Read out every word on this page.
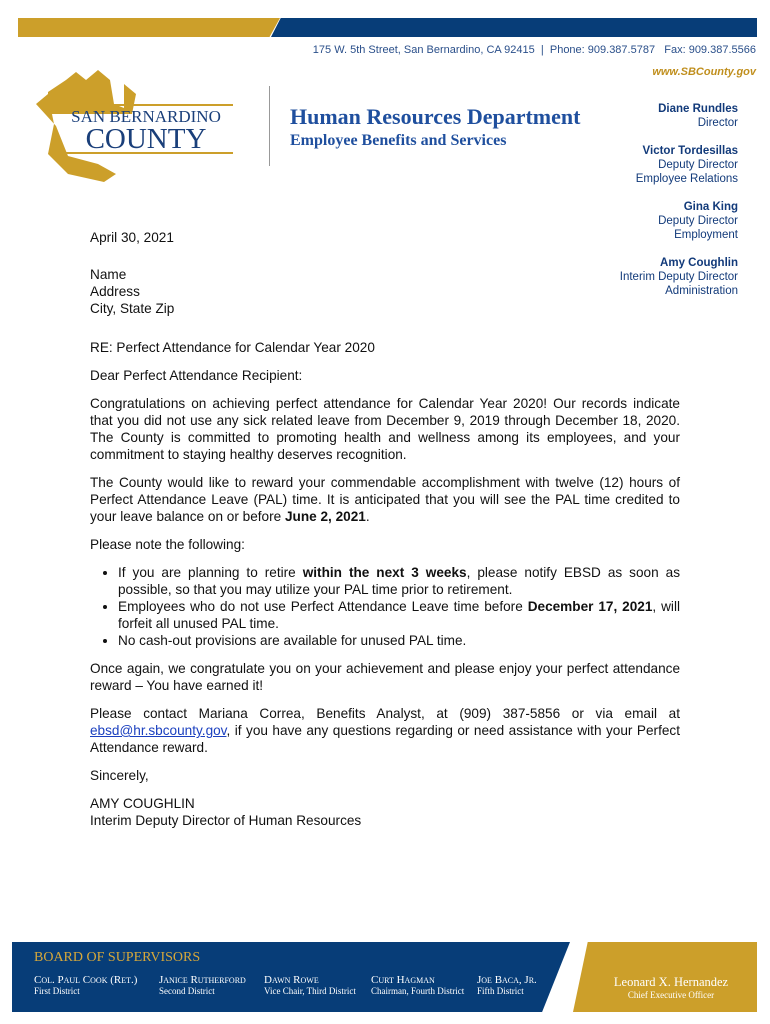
175 W. 5th Street, San Bernardino, CA 92415  |  Phone: 909.387.5787 Fax: 909.387.5566
www.SBCounty.gov
SAN BERNARDINO
COUNTY
Human Resources Department
Employee Benefits and Services
Diane Rundles
Director
Victor Tordesillas
Deputy Director
Employee Relations
Gina King
Deputy Director
Employment
Amy Coughlin
Interim Deputy Director
Administration

April 30, 2021

Name
Address
City, State Zip

RE: Perfect Attendance for Calendar Year 2020

Dear Perfect Attendance Recipient:

Congratulations on achieving perfect attendance for Calendar Year 2020! Our records indicate that you did not use any sick related leave from December 9, 2019 through December 18, 2020. The County is committed to promoting health and wellness among its employees, and your commitment to staying healthy deserves recognition.

The County would like to reward your commendable accomplishment with twelve (12) hours of Perfect Attendance Leave (PAL) time. It is anticipated that you will see the PAL time credited to your leave balance on or before June 2, 2021.

Please note the following:

• If you are planning to retire within the next 3 weeks, please notify EBSD as soon as possible, so that you may utilize your PAL time prior to retirement.
• Employees who do not use Perfect Attendance Leave time before December 17, 2021, will forfeit all unused PAL time.
• No cash-out provisions are available for unused PAL time.

Once again, we congratulate you on your achievement and please enjoy your perfect attendance reward – You have earned it!

Please contact Mariana Correa, Benefits Analyst, at (909) 387-5856 or via email at ebsd@hr.sbcounty.gov, if you have any questions regarding or need assistance with your Perfect Attendance reward.

Sincerely,

AMY COUGHLIN
Interim Deputy Director of Human Resources

BOARD OF SUPERVISORS
Col. Paul Cook (Ret.)
First District
Janice Rutherford
Second District
Dawn Rowe
Vice Chair, Third District
Curt Hagman
Chairman, Fourth District
Joe Baca, Jr.
Fifth District
Leonard X. Hernandez
Chief Executive Officer
